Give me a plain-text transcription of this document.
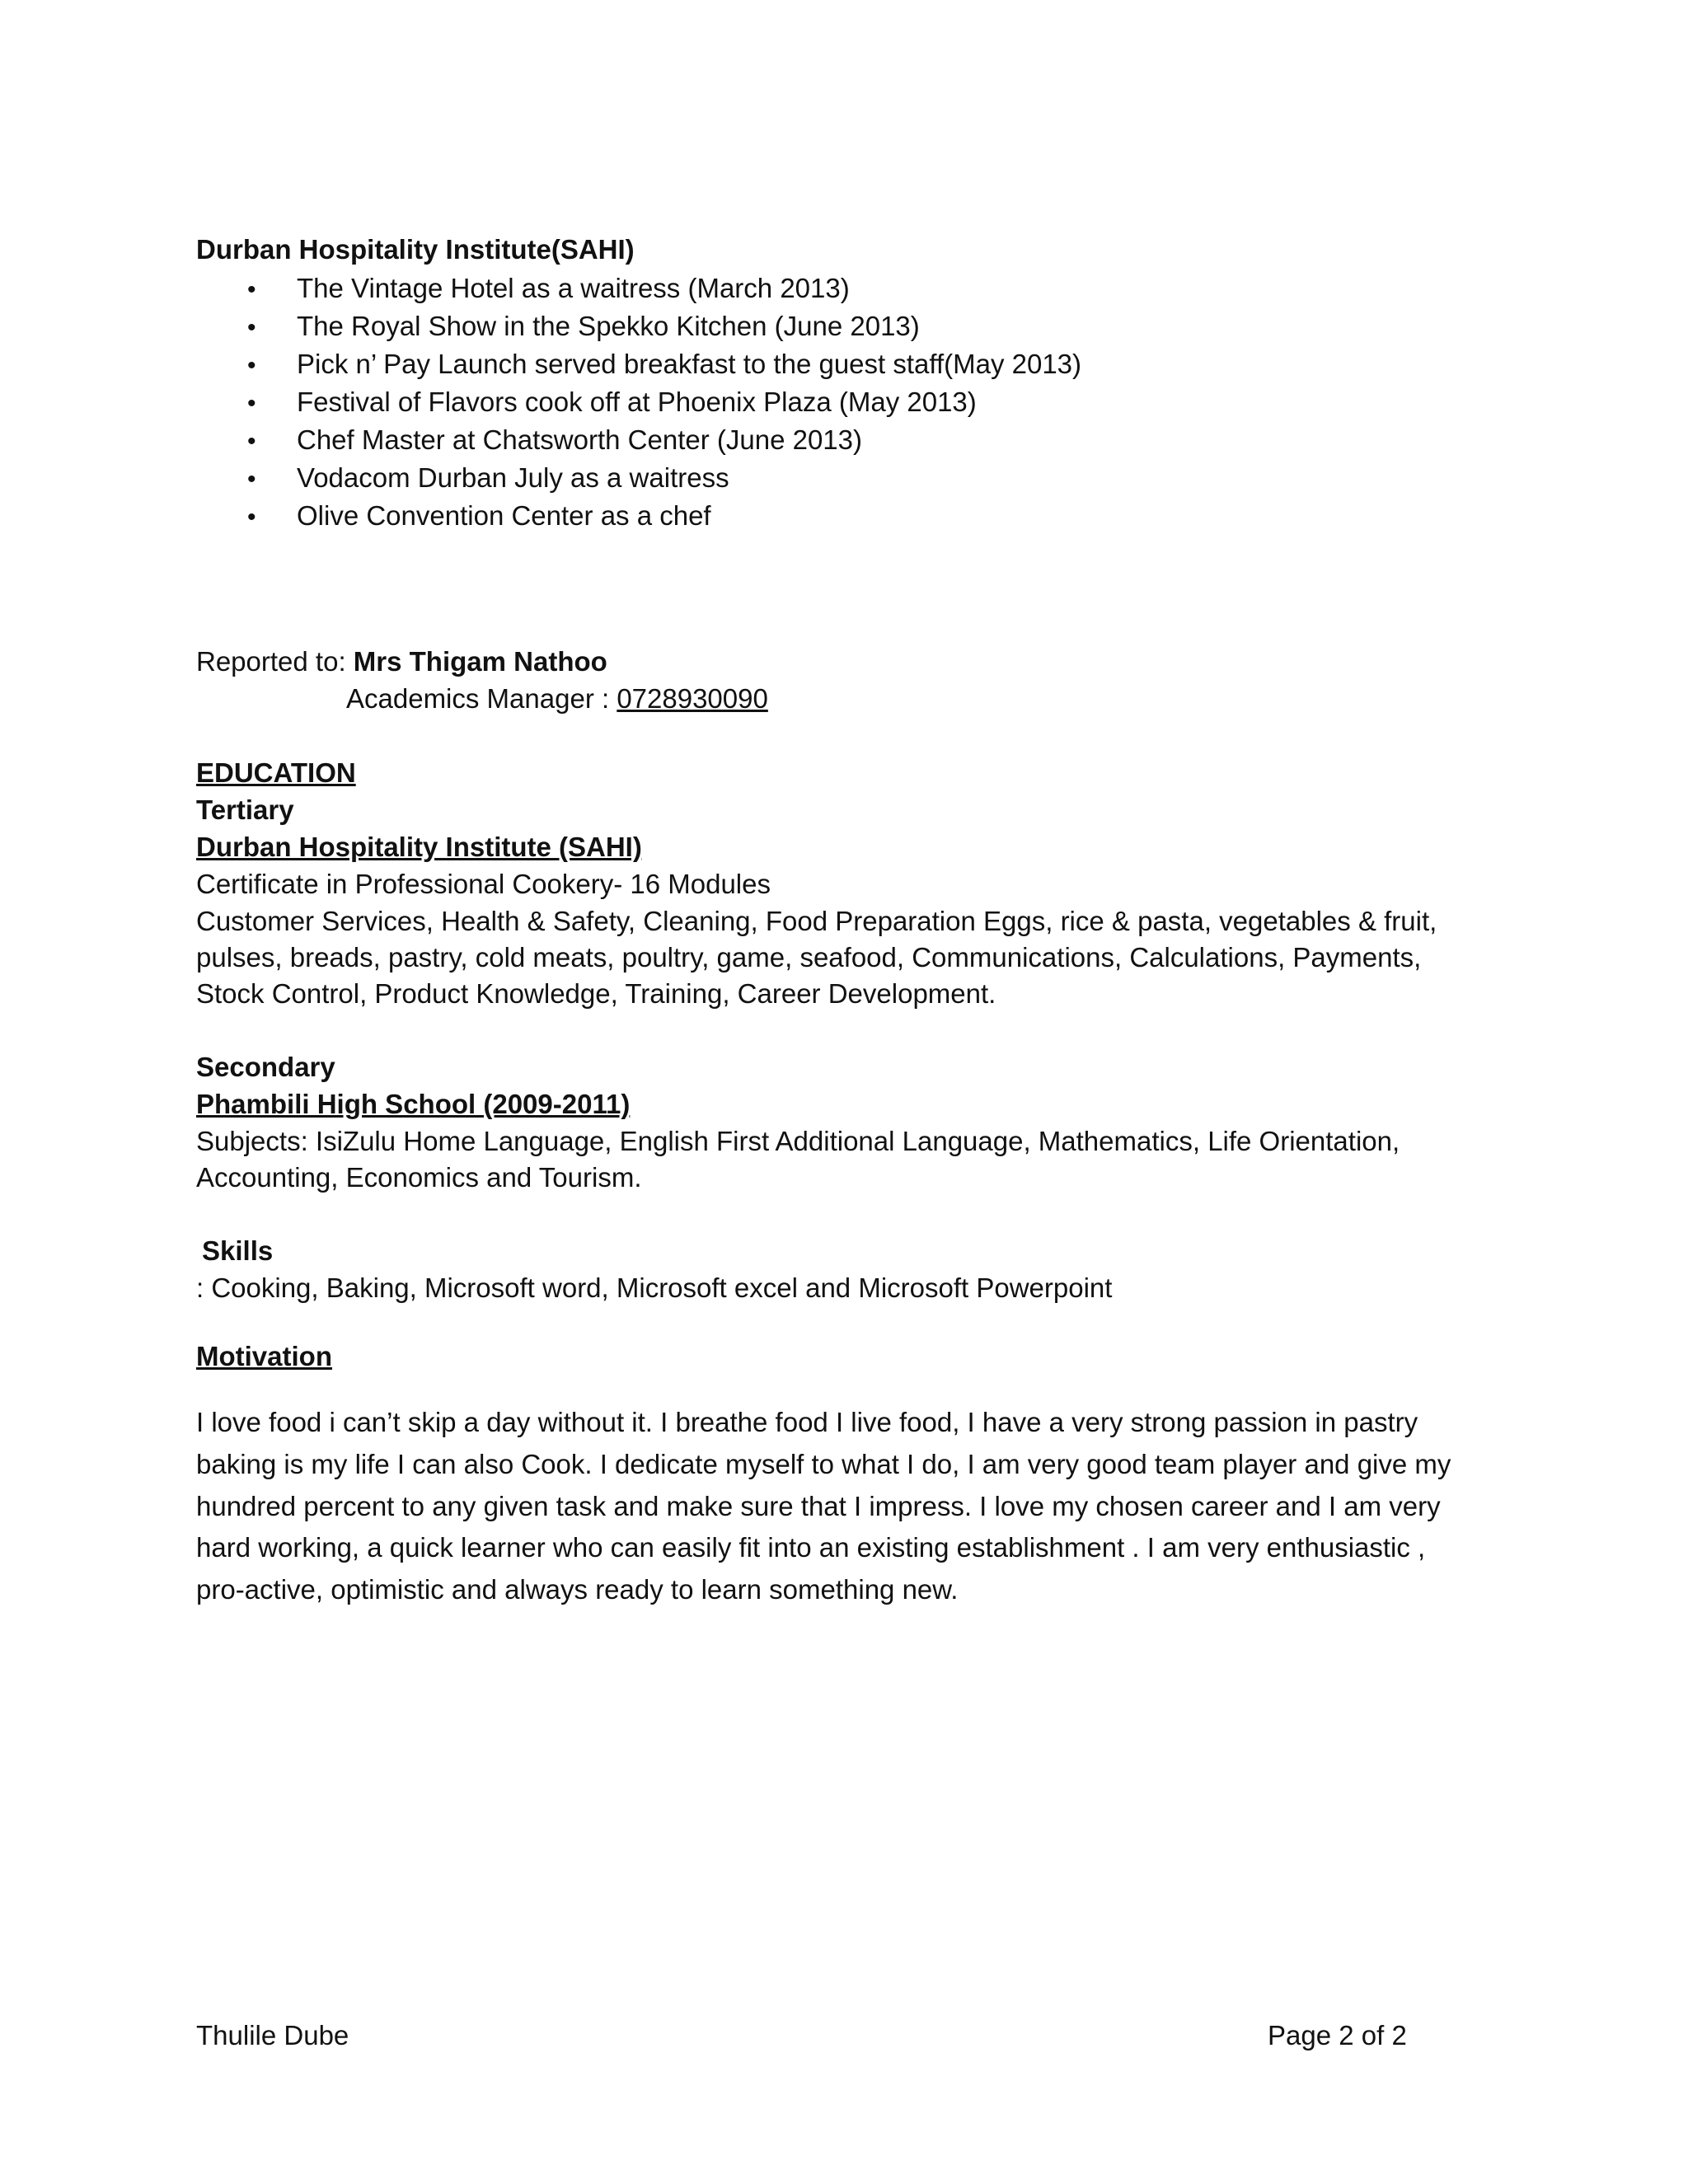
Durban Hospitality Institute(SAHI)
• The Vintage Hotel as a waitress (March 2013)
• The Royal Show in the Spekko Kitchen (June 2013)
• Pick n’ Pay Launch served breakfast to the guest staff(May 2013)
• Festival of Flavors cook off at Phoenix Plaza (May 2013)
• Chef Master at Chatsworth Center (June 2013)
• Vodacom Durban July as a waitress
• Olive Convention Center as a chef
Reported to: Mrs Thigam Nathoo
Academics Manager : 0728930090
EDUCATION
Tertiary
Durban Hospitality Institute (SAHI)
Certificate in Professional Cookery- 16 Modules
Customer Services, Health & Safety, Cleaning, Food Preparation Eggs, rice & pasta, vegetables & fruit,
pulses, breads, pastry, cold meats, poultry, game, seafood, Communications, Calculations, Payments,
Stock Control, Product Knowledge, Training, Career Development.
Secondary
Phambili High School (2009-2011)
Subjects: IsiZulu Home Language, English First Additional Language, Mathematics, Life Orientation,
Accounting, Economics and Tourism.
Skills
: Cooking, Baking, Microsoft word, Microsoft excel and Microsoft Powerpoint
Motivation
I love food i can’t skip a day without it. I breathe food I live food, I have a very strong passion in pastry
baking is my life I can also Cook. I dedicate myself to what I do, I am very good team player and give my
hundred percent to any given task and make sure that I impress. I love my chosen career and I am very
hard working, a quick learner who can easily fit into an existing establishment . I am very enthusiastic ,
pro-active, optimistic and always ready to learn something new.
Thulile Dube	Page 2 of 2
